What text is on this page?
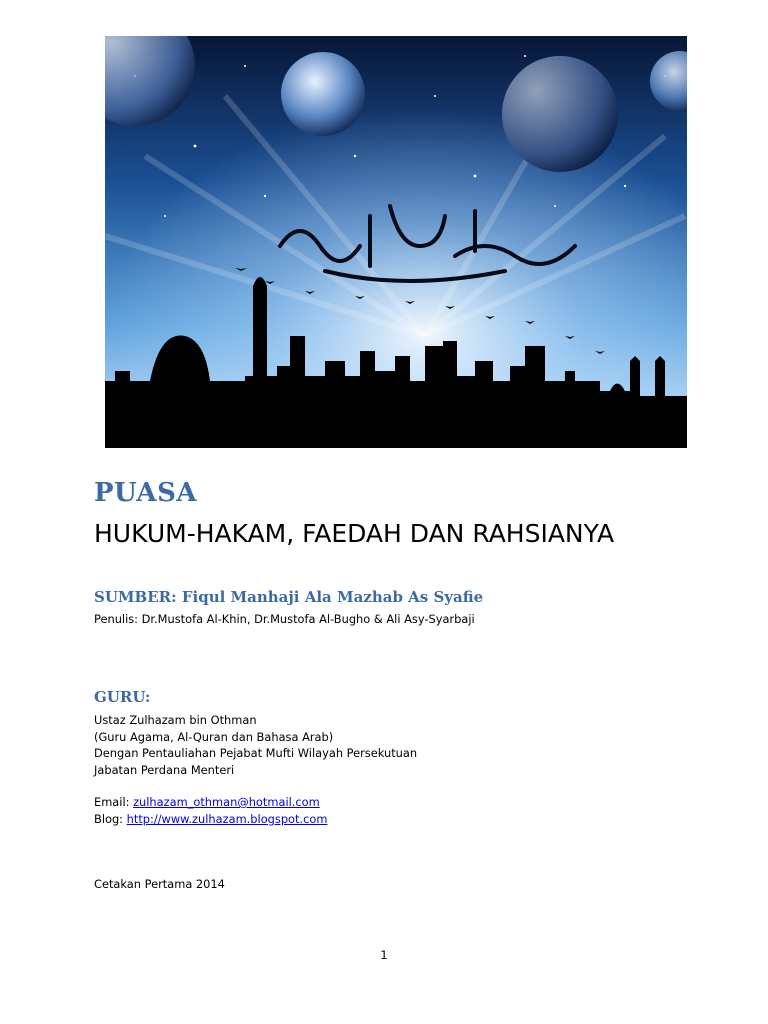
PUASA
HUKUM-HAKAM, FAEDAH DAN RAHSIANYA
SUMBER: Fiqul Manhaji Ala Mazhab As Syafie

Penulis: Dr.Mustofa Al-Khin, Dr.Mustofa Al-Bugho & Ali Asy-Syarbaji

GURU:
Ustaz Zulhazam bin Othman
(Guru Agama, Al-Quran dan Bahasa Arab)
Dengan Pentauliahan Pejabat Mufti Wilayah Persekutuan
Jabatan Perdana Menteri
Email: zulhazam_othman@hotmail.com
Blog: http://www.zulhazam.blogspot.com
Cetakan Pertama 2014
1
